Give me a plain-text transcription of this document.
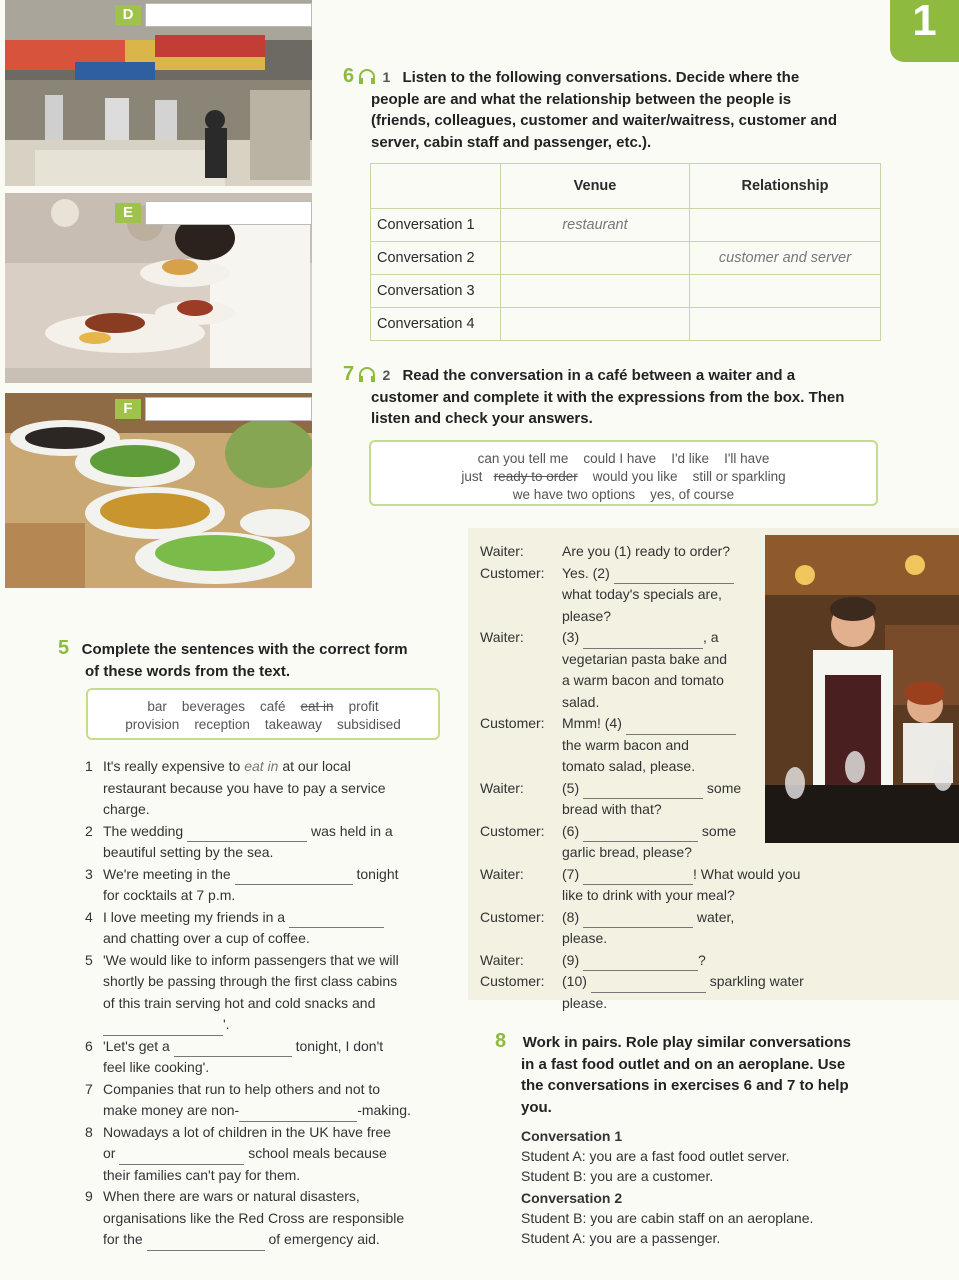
1
D
E
F
6 1 Listen to the following conversations. Decide where the
people are and what the relationship between the people is
(friends, colleagues, customer and waiter/waitress, customer and
server, cabin staff and passenger, etc.).
	Venue	Relationship
Conversation 1	restaurant	
Conversation 2		customer and server
Conversation 3		
Conversation 4		
7 2 Read the conversation in a café between a waiter and a
customer and complete it with the expressions from the box. Then
listen and check your answers.
can you tell me could I have I'd like I'll have
just ready to order would you like still or sparkling
we have two options yes, of course
Waiter:	Are you (1) ready to order?
Customer:	Yes. (2)
what today's specials are,
please?
Waiter:	(3)	, a
vegetarian pasta bake and
a warm bacon and tomato
salad.
Customer:	Mmm! (4)
the warm bacon and
tomato salad, please.
Waiter:	(5)	some
bread with that?
Customer:	(6)	some
garlic bread, please?
Waiter:	(7)	! What would you
like to drink with your meal?
Customer:	(8)	water, please.
Waiter:	(9)	?
Customer:	(10)	sparkling water
please.
5 Complete the sentences with the correct form
of these words from the text.
bar beverages café eat in profit
provision reception takeaway subsidised
1 It's really expensive to eat in at our local
restaurant because you have to pay a service
charge.
2 The wedding	was held in a
beautiful setting by the sea.
3 We're meeting in the	tonight
for cocktails at 7 p.m.
4 I love meeting my friends in a
and chatting over a cup of coffee.
5 'We would like to inform passengers that we will
shortly be passing through the first class cabins
of this train serving hot and cold snacks and
'.
6 'Let's get a	tonight, I don't
feel like cooking'.
7 Companies that run to help others and not to
make money are non-	-making.
8 Nowadays a lot of children in the UK have free
or	school meals because
their families can't pay for them.
9 When there are wars or natural disasters,
organisations like the Red Cross are responsible
for the	of emergency aid.
8 Work in pairs. Role play similar conversations
in a fast food outlet and on an aeroplane. Use
the conversations in exercises 6 and 7 to help
you.
Conversation 1
Student A: you are a fast food outlet server.
Student B: you are a customer.
Conversation 2
Student B: you are cabin staff on an aeroplane.
Student A: you are a passenger.
